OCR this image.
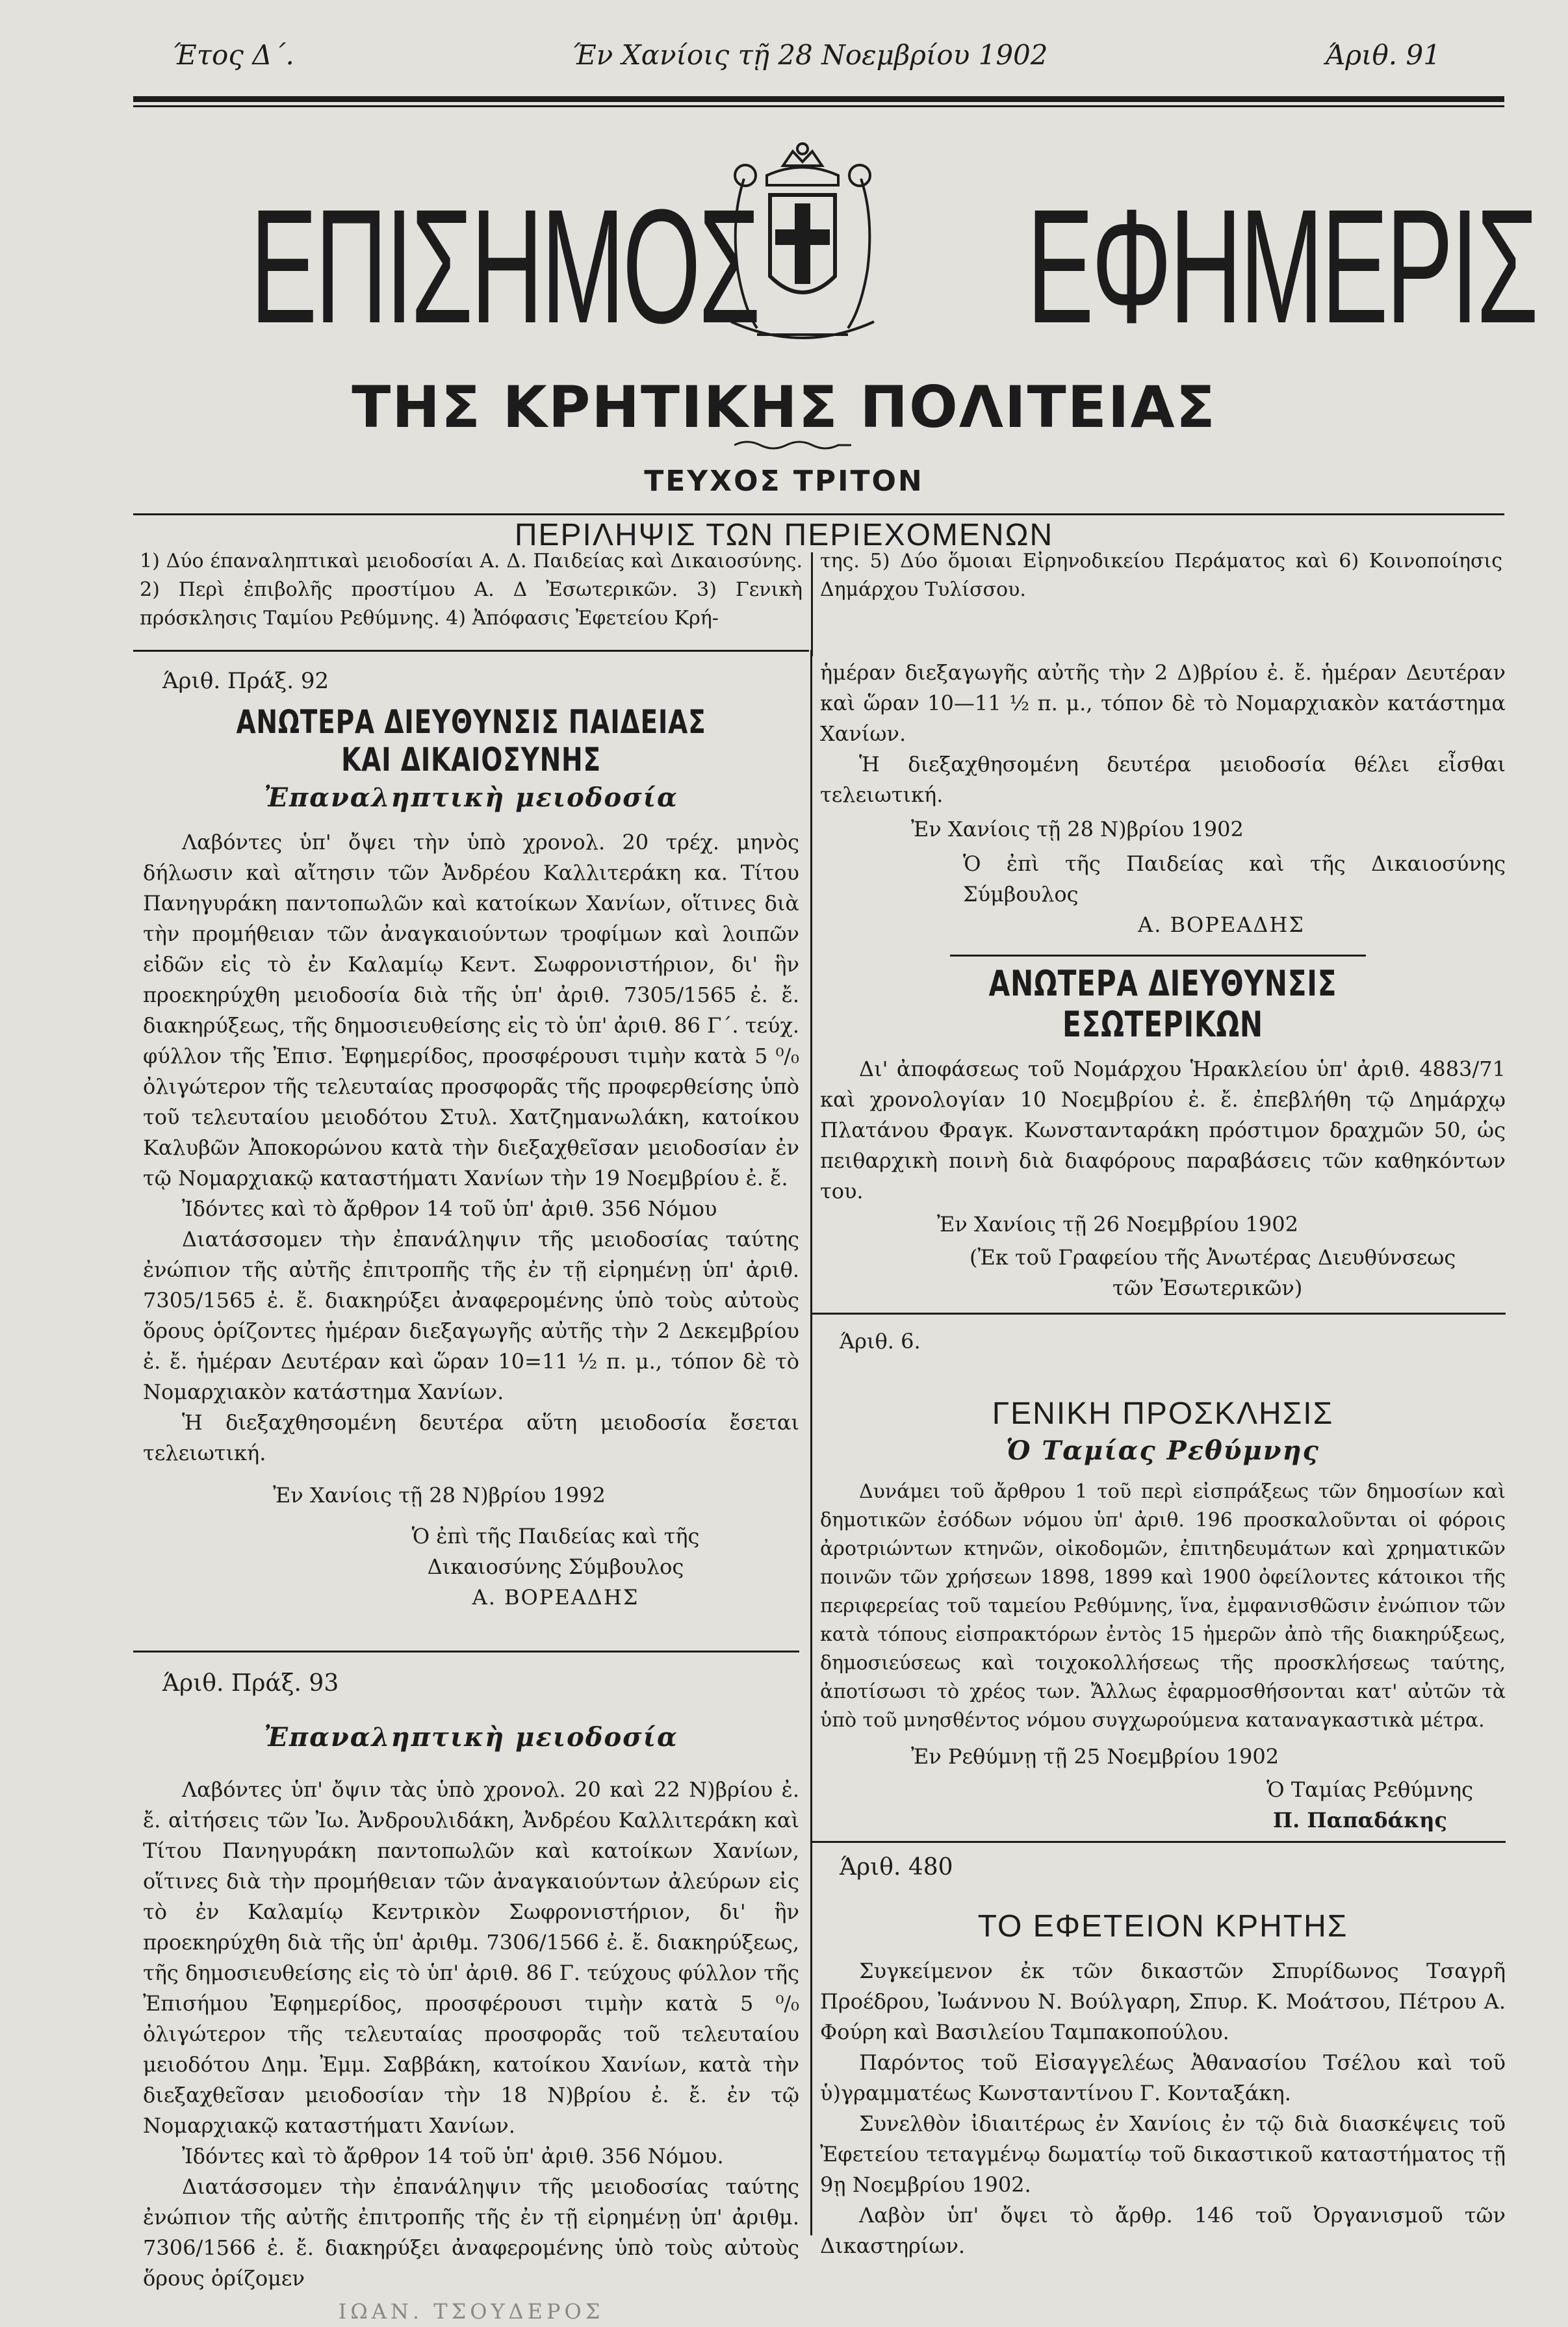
Έτος Δ΄.	Έν Χανίοις τῇ 28 Νοεμβρίου 1902	Άριθ. 91
ΕΠΙΣΗΜΟΣ ΕΦΗΜΕΡΙΣ
ΤΗΣ ΚΡΗΤΙΚΗΣ ΠΟΛΙΤΕΙΑΣ
ΤΕΥΧΟΣ ΤΡΙΤΟΝ
ΠΕΡΙΛΗΨΙΣ ΤΩΝ ΠΕΡΙΕΧΟΜΕΝΩΝ
1) Δύο έπαναληπτικαὶ μειοδοσίαι Α. Δ. Παιδείας καὶ Δικαιοσύνης. 2) Περὶ ἐπιβολῆς προστίμου Α. Δ Ἐσωτερικῶν. 3) Γενικὴ πρόσκλησις Ταμίου Ρεθύμνης. 4) Ἀπόφασις Ἐφετείου Κρή-
της. 5) Δύο ὅμοιαι Εἰρηνοδικείου Περάματος καὶ 6) Κοινοποίησις Δημάρχου Τυλίσσου.
Άριθ. Πράξ. 92
ΑΝΩΤΕΡΑ ΔΙΕΥΘΥΝΣΙΣ ΠΑΙΔΕΙΑΣ ΚΑΙ ΔΙΚΑΙΟΣΥΝΗΣ
Ἐπαναληπτικὴ μειοδοσία

Λαβόντες ὑπ' ὄψει τὴν ὑπὸ χρονολ. 20 τρέχ. μηνὸς δήλωσιν καὶ αἴτησιν τῶν Ἀνδρέου Καλλιτεράκη κα. Τίτου Πανηγυράκη παντοπωλῶν καὶ κατοίκων Χανίων, οἵτινες διὰ τὴν προμήθειαν τῶν ἀναγκαιούντων τροφίμων καὶ λοιπῶν εἰδῶν εἰς τὸ ἐν Καλαμίῳ Κεντ. Σωφρονιστήριον, δι' ἣν προεκηρύχθη μειοδοσία διὰ τῆς ὑπ' ἀριθ. 7305/1565 ἐ. ἔ. διακηρύξεως, τῆς δημοσιευθείσης εἰς τὸ ὑπ' ἀριθ. 86 Γ΄. τεύχ. φύλλον τῆς Ἐπισ. Ἐφημερίδος, προσφέρουσι τιμὴν κατὰ 5 ⁰/₀ ὀλιγώτερον τῆς τελευταίας προσφορᾶς τῆς προφερθείσης ὑπὸ τοῦ τελευταίου μειοδότου Στυλ. Χατζημανωλάκη, κατοίκου Καλυβῶν Ἀποκορώνου κατὰ τὴν διεξαχθεῖσαν μειοδοσίαν ἐν τῷ Νομαρχιακῷ καταστήματι Χανίων τὴν 19 Νοεμβρίου ἐ. ἔ.

Ἰδόντες καὶ τὸ ἄρθρον 14 τοῦ ὑπ' ἀριθ. 356 Νόμου

Διατάσσομεν τὴν ἐπανάληψιν τῆς μειοδοσίας ταύτης ἐνώπιον τῆς αὐτῆς ἐπιτροπῆς τῆς ἐν τῇ εἰρημένῃ ὑπ' ἀριθ. 7305/1565 ἐ. ἔ. διακηρύξει ἀναφερομένης ὑπὸ τοὺς αὐτοὺς ὅρους ὁρίζοντες ἡμέραν διεξαγωγῆς αὐτῆς τὴν 2 Δεκεμβρίου ἐ. ἔ. ἡμέραν Δευτέραν καὶ ὥραν 10=11 ½ π. μ., τόπον δὲ τὸ Νομαρχιακὸν κατάστημα Χανίων.

Ἡ διεξαχθησομένη δευτέρα αὕτη μειοδοσία ἔσεται τελειωτική.

Ἐν Χανίοις τῇ 28 Ν)βρίου 1992
Ὁ ἐπὶ τῆς Παιδείας καὶ τῆς
Δικαιοσύνης Σύμβουλος
Α. ΒΟΡΕΑΔΗΣ
Άριθ. Πράξ. 93
Ἐπαναληπτικὴ μειοδοσία

Λαβόντες ὑπ' ὄψιν τὰς ὑπὸ χρονολ. 20 καὶ 22 Ν)βρίου ἐ. ἔ. αἰτήσεις τῶν Ἰω. Ἀνδρουλιδάκη, Ἀνδρέου Καλλιτεράκη καὶ Τίτου Πανηγυράκη παντοπωλῶν καὶ κατοίκων Χανίων, οἵτινες διὰ τὴν προμήθειαν τῶν ἀναγκαιούντων ἀλεύρων εἰς τὸ ἐν Καλαμίῳ Κεντρικὸν Σωφρονιστήριον, δι' ἣν προεκηρύχθη διὰ τῆς ὑπ' ἀριθμ. 7306/1566 ἐ. ἔ. διακηρύξεως, τῆς δημοσιευθείσης εἰς τὸ ὑπ' ἀριθ. 86 Γ. τεύχους φύλλον τῆς Ἐπισήμου Ἐφημερίδος, προσφέρουσι τιμὴν κατὰ 5 ⁰/₀ ὀλιγώτερον τῆς τελευταίας προσφορᾶς τοῦ τελευταίου μειοδότου Δημ. Ἐμμ. Σαββάκη, κατοίκου Χανίων, κατὰ τὴν διεξαχθεῖσαν μειοδοσίαν τὴν 18 Ν)βρίου ἐ. ἔ. ἐν τῷ Νομαρχιακῷ καταστήματι Χανίων.

Ἰδόντες καὶ τὸ ἄρθρον 14 τοῦ ὑπ' ἀριθ. 356 Νόμου.

Διατάσσομεν τὴν ἐπανάληψιν τῆς μειοδοσίας ταύτης ἐνώπιον τῆς αὐτῆς ἐπιτροπῆς τῆς ἐν τῇ εἰρημένῃ ὑπ' ἀριθμ. 7306/1566 ἐ. ἔ. διακηρύξει ἀναφερομένης ὑπὸ τοὺς αὐτοὺς ὅρους ὁρίζομεν

ΙΩΑΝ. ΤΣΟΥΔΕΡΟΣ

ἡμέραν διεξαγωγῆς αὐτῆς τὴν 2 Δ)βρίου ἐ. ἔ. ἡμέραν Δευτέραν καὶ ὥραν 10—11 ½ π. μ., τόπον δὲ τὸ Νομαρχιακὸν κατάστημα Χανίων.

Ἡ διεξαχθησομένη δευτέρα μειοδοσία θέλει εἶσθαι τελειωτική.

Ἐν Χανίοις τῇ 28 Ν)βρίου 1902
Ὁ ἐπὶ τῆς Παιδείας καὶ τῆς Δικαιοσύνης Σύμβουλος
Α. ΒΟΡΕΑΔΗΣ
ΑΝΩΤΕΡΑ ΔΙΕΥΘΥΝΣΙΣ ΕΣΩΤΕΡΙΚΩΝ

Δι' ἀποφάσεως τοῦ Νομάρχου Ἡρακλείου ὑπ' ἀριθ. 4883/71 καὶ χρονολογίαν 10 Νοεμβρίου ἐ. ἔ. ἐπεβλήθη τῷ Δημάρχῳ Πλατάνου Φραγκ. Κωνστανταράκη πρόστιμον δραχμῶν 50, ὡς πειθαρχικὴ ποινὴ διὰ διαφόρους παραβάσεις τῶν καθηκόντων του.

Ἐν Χανίοις τῇ 26 Νοεμβρίου 1902
(Ἐκ τοῦ Γραφείου τῆς Ἀνωτέρας Διευθύνσεως
τῶν Ἐσωτερικῶν)
Άριθ. 6.
ΓΕΝΙΚΗ ΠΡΟΣΚΛΗΣΙΣ
Ὁ Ταμίας Ρεθύμνης

Δυνάμει τοῦ ἄρθρου 1 τοῦ περὶ εἰσπράξεως τῶν δημοσίων καὶ δημοτικῶν ἐσόδων νόμου ὑπ' ἀριθ. 196 προσκαλοῦνται οἱ φόροις ἀροτριώντων κτηνῶν, οἰκοδομῶν, ἐπιτηδευμάτων καὶ χρηματικῶν ποινῶν τῶν χρήσεων 1898, 1899 καὶ 1900 ὀφείλοντες κάτοικοι τῆς περιφερείας τοῦ ταμείου Ρεθύμνης, ἵνα, ἐμφανισθῶσιν ἐνώπιον τῶν κατὰ τόπους εἰσπρακτόρων ἐντὸς 15 ἡμερῶν ἀπὸ τῆς διακηρύξεως, δημοσιεύσεως καὶ τοιχοκολλήσεως τῆς προσκλήσεως ταύτης, ἀποτίσωσι τὸ χρέος των. Ἄλλως ἐφαρμοσθήσονται κατ' αὐτῶν τὰ ὑπὸ τοῦ μνησθέντος νόμου συγχωρούμενα καταναγκαστικὰ μέτρα.

Ἐν Ρεθύμνῃ τῇ 25 Νοεμβρίου 1902
Ὁ Ταμίας Ρεθύμνης
Π. Παπαδάκης
Άριθ. 480
ΤΟ ΕΦΕΤΕΙΟΝ ΚΡΗΤΗΣ

Συγκείμενον ἐκ τῶν δικαστῶν Σπυρίδωνος Τσαγρῆ Προέδρου, Ἰωάννου Ν. Βούλγαρη, Σπυρ. Κ. Μοάτσου, Πέτρου Α. Φούρη καὶ Βασιλείου Ταμπακοπούλου.

Παρόντος τοῦ Εἰσαγγελέως Ἀθανασίου Τσέλου καὶ τοῦ ὑ)γραμματέως Κωνσταντίνου Γ. Κονταξάκη.

Συνελθὸν ἰδιαιτέρως ἐν Χανίοις ἐν τῷ διὰ διασκέψεις τοῦ Ἐφετείου τεταγμένῳ δωματίῳ τοῦ δικαστικοῦ καταστήματος τῇ 9ῃ Νοεμβρίου 1902.

Λαβὸν ὑπ' ὄψει τὸ ἄρθρ. 146 τοῦ Ὀργανισμοῦ τῶν Δικαστηρίων.
